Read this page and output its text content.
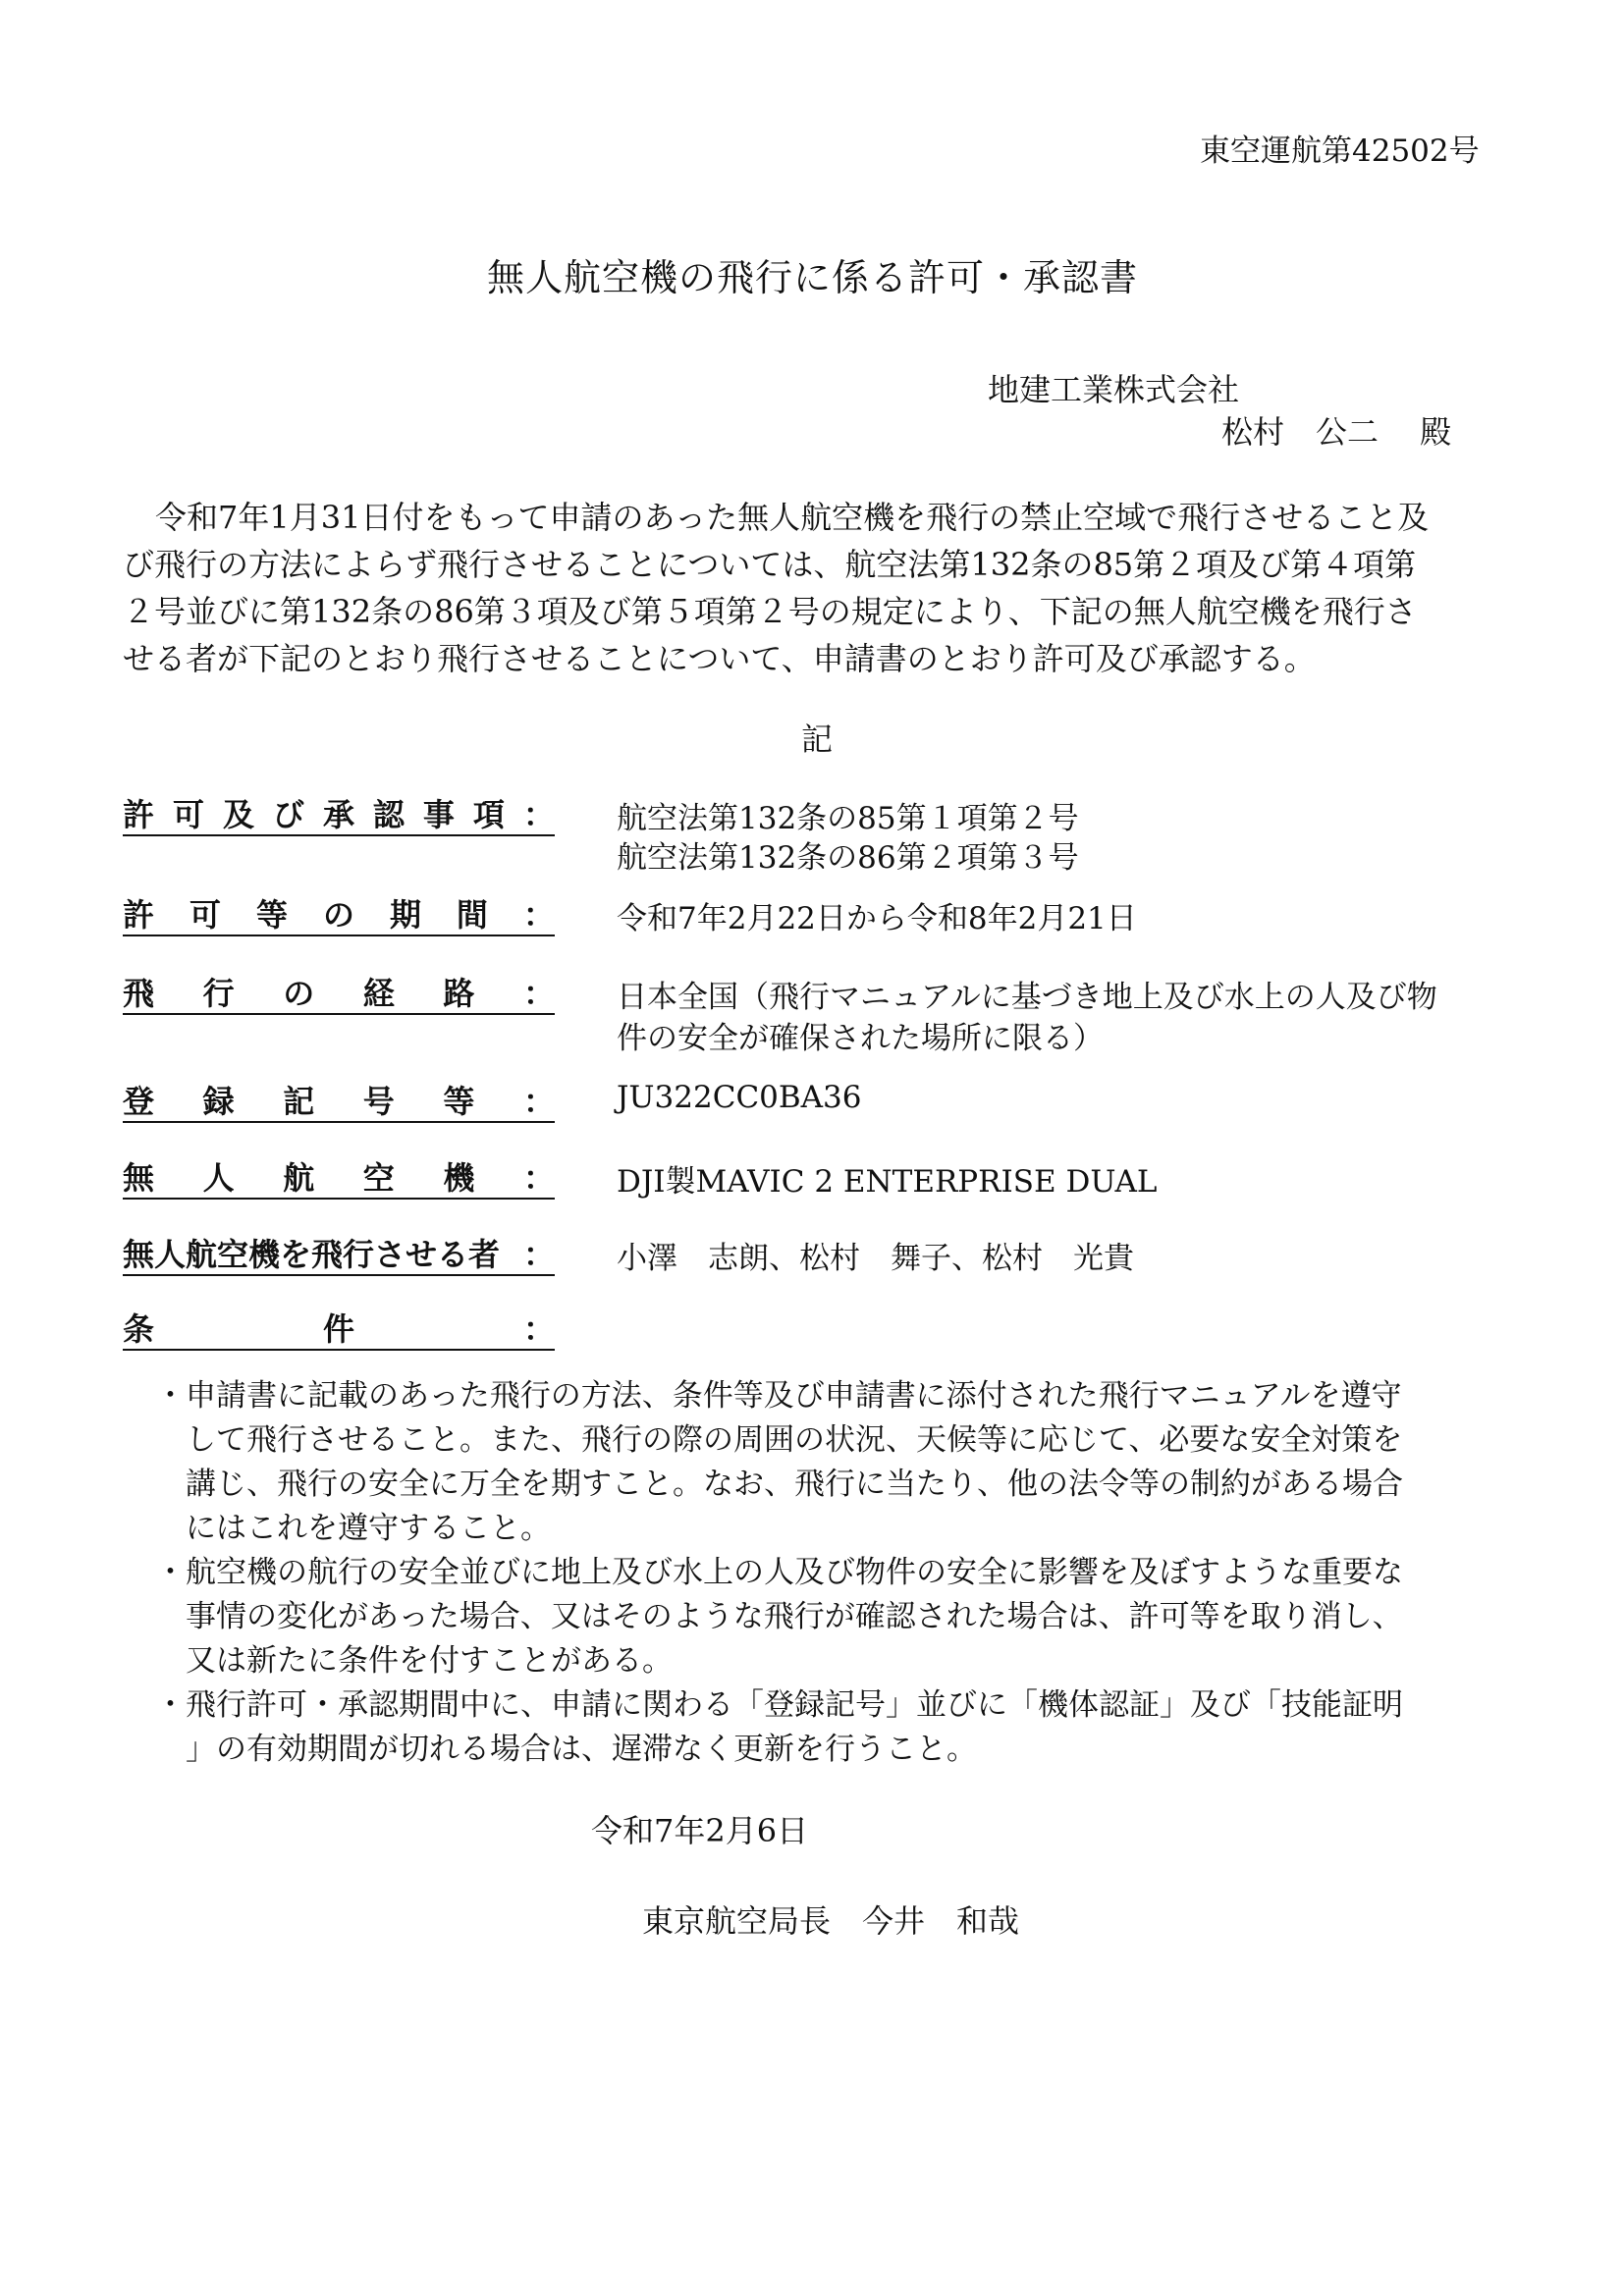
東空運航第42502号
無人航空機の飛行に係る許可・承認書
地建工業株式会社
松村　公二　 殿
令和7年1月31日付をもって申請のあった無人航空機を飛行の禁止空域で飛行させること及
び飛行の方法によらず飛行させることについては、航空法第132条の85第２項及び第４項第
２号並びに第132条の86第３項及び第５項第２号の規定により、下記の無人航空機を飛行さ
せる者が下記のとおり飛行させることについて、申請書のとおり許可及び承認する。
記
許 可 及 び 承 認 事 項 ： 航空法第132条の85第１項第２号
航空法第132条の86第２項第３号
許 可 等 の 期 間 ： 令和7年2月22日から令和8年2月21日
飛 行 の 経 路 ： 日本全国（飛行マニュアルに基づき地上及び水上の人及び物
件の安全が確保された場所に限る）
登 録 記 号 等 ： JU322CC0BA36
無 人 航 空 機 ： DJI製MAVIC 2 ENTERPRISE DUAL
無人航空機を飛行させる者 ： 小澤　志朗、松村　舞子、松村　光貴
条	件	：
・申請書に記載のあった飛行の方法、条件等及び申請書に添付された飛行マニュアルを遵守
　して飛行させること。また、飛行の際の周囲の状況、天候等に応じて、必要な安全対策を
　講じ、飛行の安全に万全を期すこと。なお、飛行に当たり、他の法令等の制約がある場合
　にはこれを遵守すること。
・航空機の航行の安全並びに地上及び水上の人及び物件の安全に影響を及ぼすような重要な
　事情の変化があった場合、又はそのような飛行が確認された場合は、許可等を取り消し、
　又は新たに条件を付すことがある。
・飛行許可・承認期間中に、申請に関わる「登録記号」並びに「機体認証」及び「技能証明
　」の有効期間が切れる場合は、遅滞なく更新を行うこと。
令和7年2月6日
東京航空局長　今井　和哉
